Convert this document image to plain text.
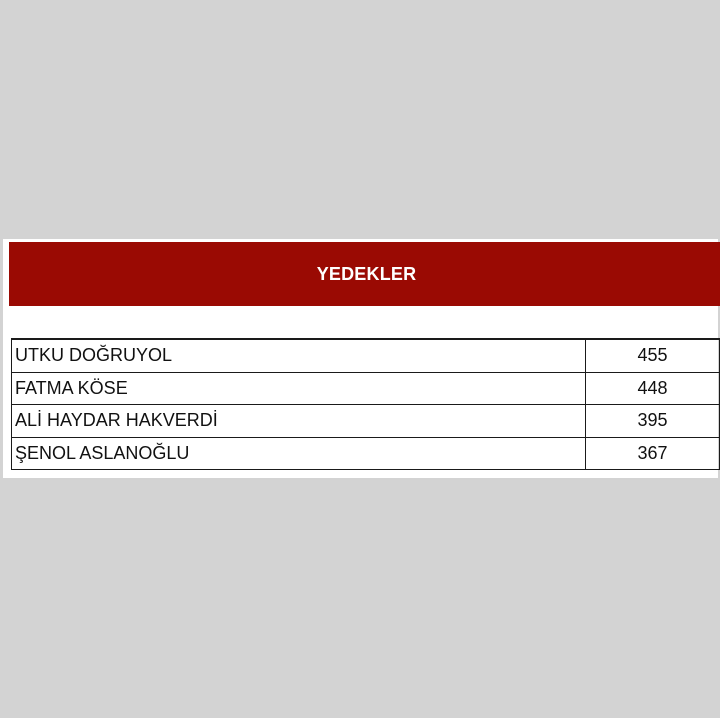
YEDEKLER
UTKU DOĞRUYOL	455
FATMA KÖSE	448
ALİ HAYDAR HAKVERDİ	395
ŞENOL ASLANOĞLU	367
